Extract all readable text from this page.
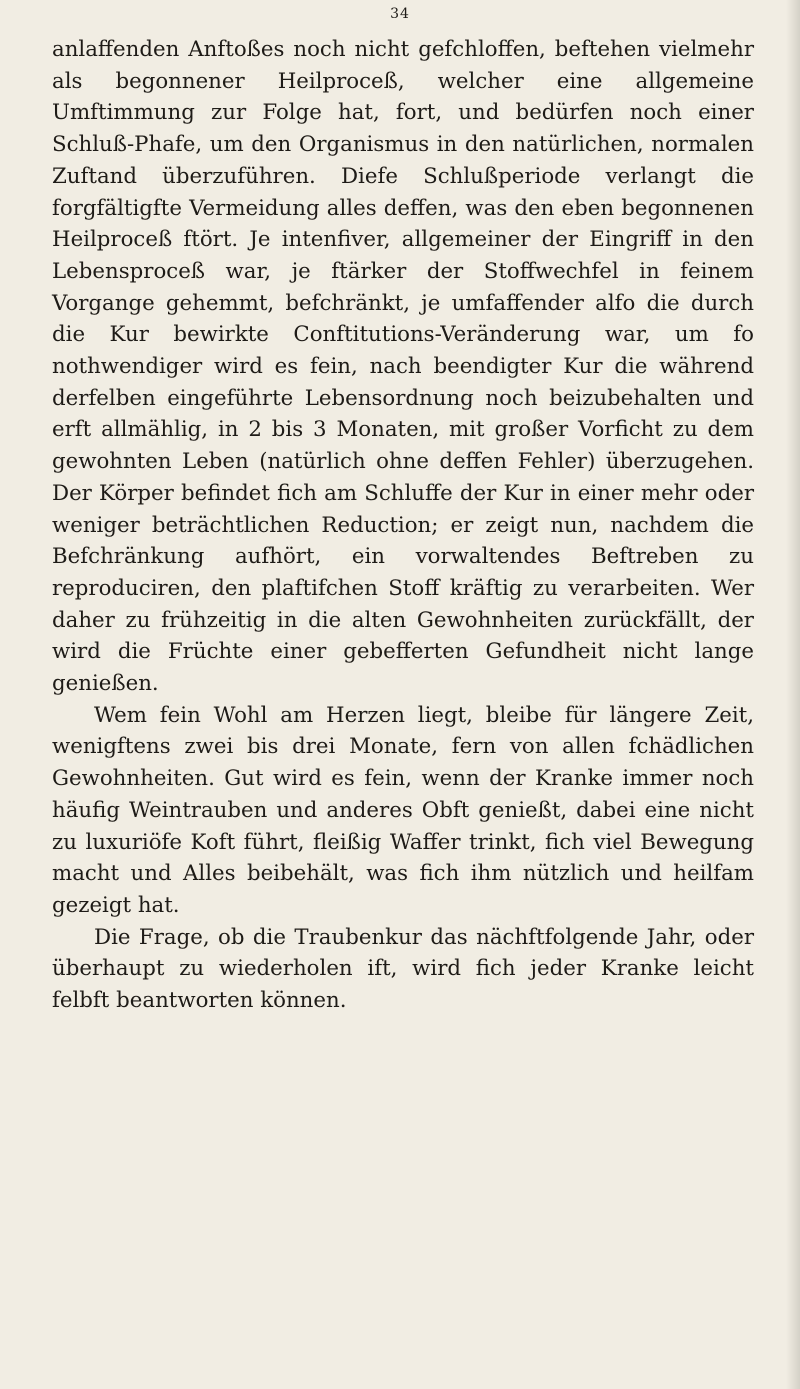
34

anlaffenden Anftoßes noch nicht gefchloffen, beftehen vielmehr als begonnener Heilproceß, welcher eine allgemeine Umftimmung zur Folge hat, fort, und bedürfen noch einer Schluß-Phafe, um den Organismus in den natürlichen, normalen Zuftand überzuführen. Diefe Schlußperiode verlangt die forgfältigfte Vermeidung alles deffen, was den eben begonnenen Heilproceß ftört. Je intenfiver, allgemeiner der Eingriff in den Lebensproceß war, je ftärker der Stoffwechfel in feinem Vorgange gehemmt, befchränkt, je umfaffender alfo die durch die Kur bewirkte Conftitutions-Veränderung war, um fo nothwendiger wird es fein, nach beendigter Kur die während derfelben eingeführte Lebensordnung noch beizubehalten und erft allmählig, in 2 bis 3 Monaten, mit großer Vorficht zu dem gewohnten Leben (natürlich ohne deffen Fehler) überzugehen. Der Körper befindet fich am Schluffe der Kur in einer mehr oder weniger beträchtlichen Reduction; er zeigt nun, nachdem die Befchränkung aufhört, ein vorwaltendes Beftreben zu reproduciren, den plaftifchen Stoff kräftig zu verarbeiten. Wer daher zu frühzeitig in die alten Gewohnheiten zurückfällt, der wird die Früchte einer gebefferten Gefundheit nicht lange genießen.

Wem fein Wohl am Herzen liegt, bleibe für längere Zeit, wenigftens zwei bis drei Monate, fern von allen fchädlichen Gewohnheiten. Gut wird es fein, wenn der Kranke immer noch häufig Weintrauben und anderes Obft genießt, dabei eine nicht zu luxuriöfe Koft führt, fleißig Waffer trinkt, fich viel Bewegung macht und Alles beibehält, was fich ihm nützlich und heilfam gezeigt hat.

Die Frage, ob die Traubenkur das nächftfolgende Jahr, oder überhaupt zu wiederholen ift, wird fich jeder Kranke leicht felbft beantworten können.
